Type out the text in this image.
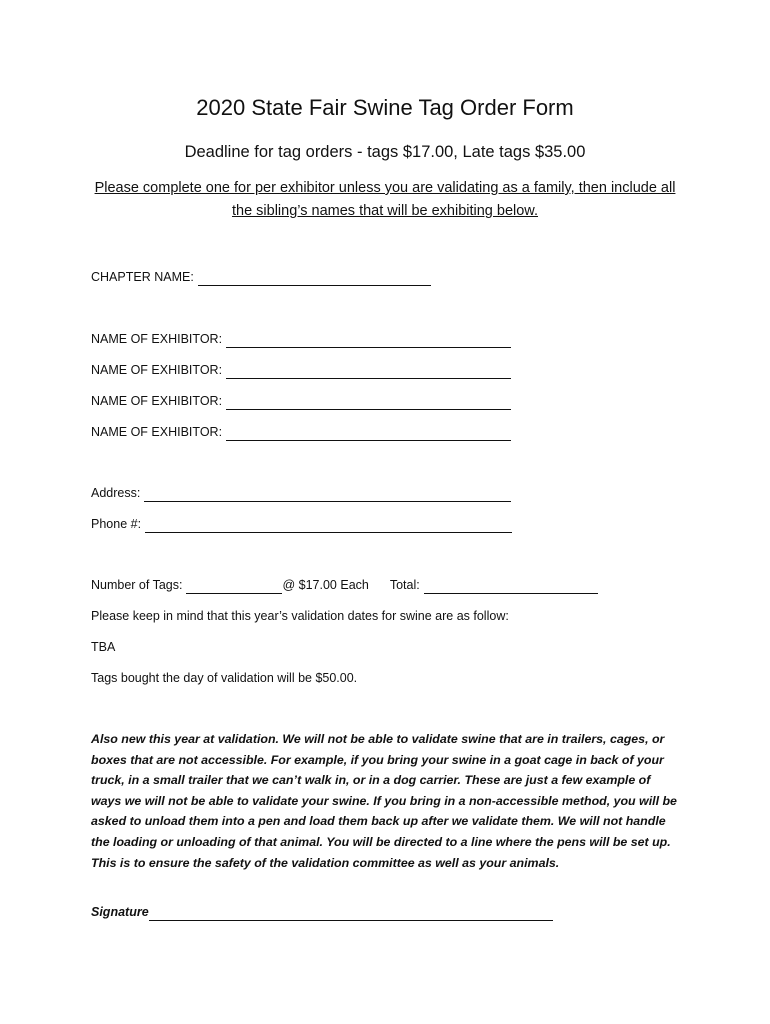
2020 State Fair Swine Tag Order Form
Deadline for tag orders - tags $17.00, Late tags $35.00
Please complete one for per exhibitor unless you are validating as a family, then include all the sibling’s names that will be exhibiting below.
CHAPTER NAME:
NAME OF EXHIBITOR:
NAME OF EXHIBITOR:
NAME OF EXHIBITOR:
NAME OF EXHIBITOR:
Address:
Phone #:
Number of Tags:	@ $17.00 Each Total:
Please keep in mind that this year’s validation dates for swine are as follow:
TBA
Tags bought the day of validation will be $50.00.
Also new this year at validation. We will not be able to validate swine that are in trailers, cages, or boxes that are not accessible. For example, if you bring your swine in a goat cage in back of your truck, in a small trailer that we can’t walk in, or in a dog carrier. These are just a few example of ways we will not be able to validate your swine. If you bring in a non-accessible method, you will be asked to unload them into a pen and load them back up after we validate them. We will not handle the loading or unloading of that animal. You will be directed to a line where the pens will be set up. This is to ensure the safety of the validation committee as well as your animals.
Signature
